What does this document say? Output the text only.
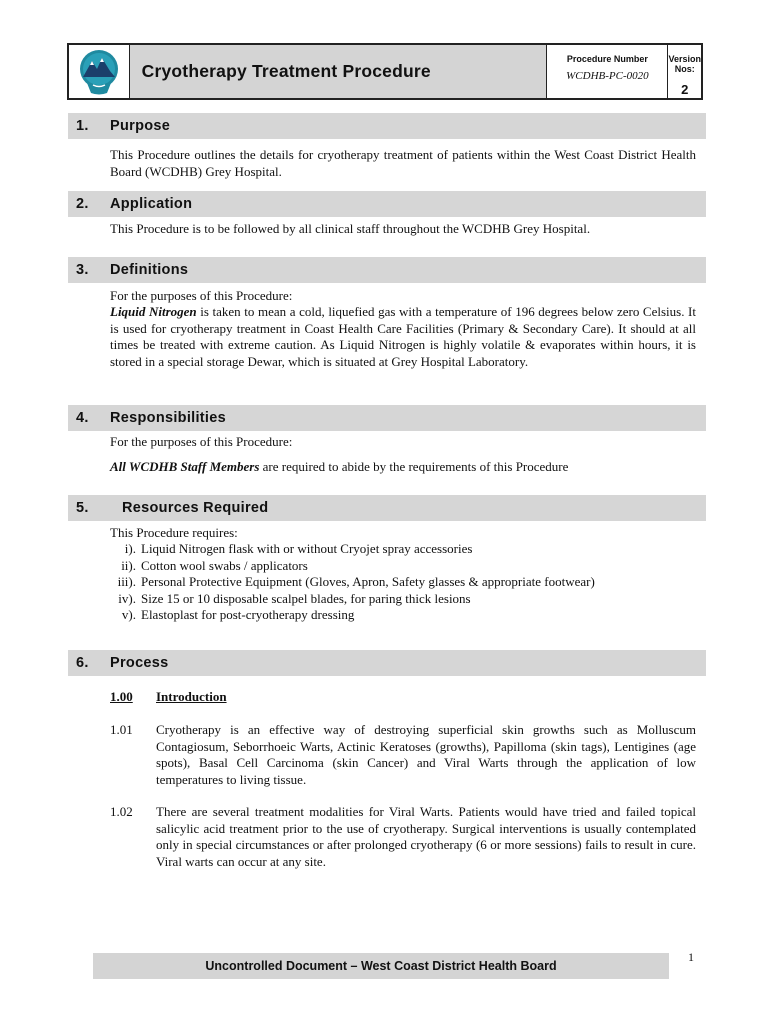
Cryotherapy Treatment Procedure
Procedure Number
WCDHB-PC-0020
Version Nos:
2
1. Purpose
This Procedure outlines the details for cryotherapy treatment of patients within the West Coast District Health Board (WCDHB) Grey Hospital.
2. Application
This Procedure is to be followed by all clinical staff throughout the WCDHB Grey Hospital.
3. Definitions
For the purposes of this Procedure:
Liquid Nitrogen is taken to mean a cold, liquefied gas with a temperature of 196 degrees below zero Celsius. It is used for cryotherapy treatment in Coast Health Care Facilities (Primary & Secondary Care). It should at all times be treated with extreme caution. As Liquid Nitrogen is highly volatile & evaporates within hours, it is stored in a special storage Dewar, which is situated at Grey Hospital Laboratory.
4. Responsibilities
For the purposes of this Procedure:
All WCDHB Staff Members are required to abide by the requirements of this Procedure
5. Resources Required
This Procedure requires:
i). Liquid Nitrogen flask with or without Cryojet spray accessories
ii). Cotton wool swabs / applicators
iii). Personal Protective Equipment (Gloves, Apron, Safety glasses & appropriate footwear)
iv). Size 15 or 10 disposable scalpel blades, for paring thick lesions
v). Elastoplast for post-cryotherapy dressing
6. Process
1.00 Introduction
1.01 Cryotherapy is an effective way of destroying superficial skin growths such as Molluscum Contagiosum, Seborrhoeic Warts, Actinic Keratoses (growths), Papilloma (skin tags), Lentigines (age spots), Basal Cell Carcinoma (skin Cancer) and Viral Warts through the application of low temperatures to living tissue.
1.02 There are several treatment modalities for Viral Warts. Patients would have tried and failed topical salicylic acid treatment prior to the use of cryotherapy. Surgical interventions is usually contemplated only in special circumstances or after prolonged cryotherapy (6 or more sessions) fails to result in cure. Viral warts can occur at any site.
Uncontrolled Document – West Coast District Health Board
1
